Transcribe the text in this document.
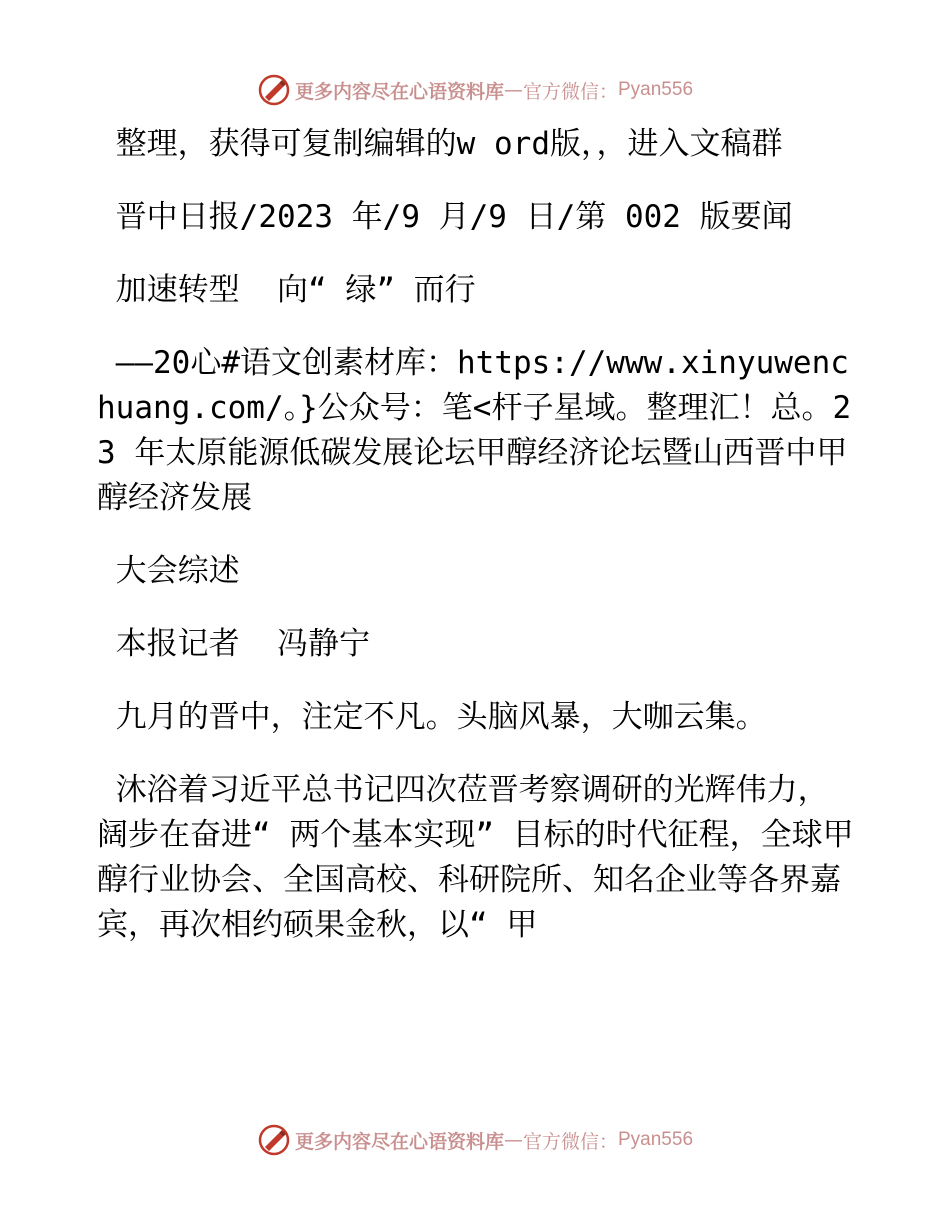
更多内容尽在心语资料库 — 官方微信： Pyan556

整理，获得可复制编辑的w ord版，，进入文稿群

晋中日报/2023 年/9 月/9 日/第 002 版要闻

加速转型  向“ 绿” 而行

——20心#语文创素材库：https://www.xinyuwenchuang.com/。}公众号：笔<杆子星域。整理汇！总。23 年太原能源低碳发展论坛甲醇经济论坛暨山西晋中甲醇经济发展

大会综述

本报记者  冯静宁

九月的晋中，注定不凡。头脑风暴，大咖云集。

沐浴着习近平总书记四次莅晋考察调研的光辉伟力，阔步在奋进“ 两个基本实现” 目标的时代征程，全球甲醇行业协会、全国高校、科研院所、知名企业等各界嘉宾，再次相约硕果金秋，以“ 甲

更多内容尽在心语资料库 — 官方微信： Pyan556
